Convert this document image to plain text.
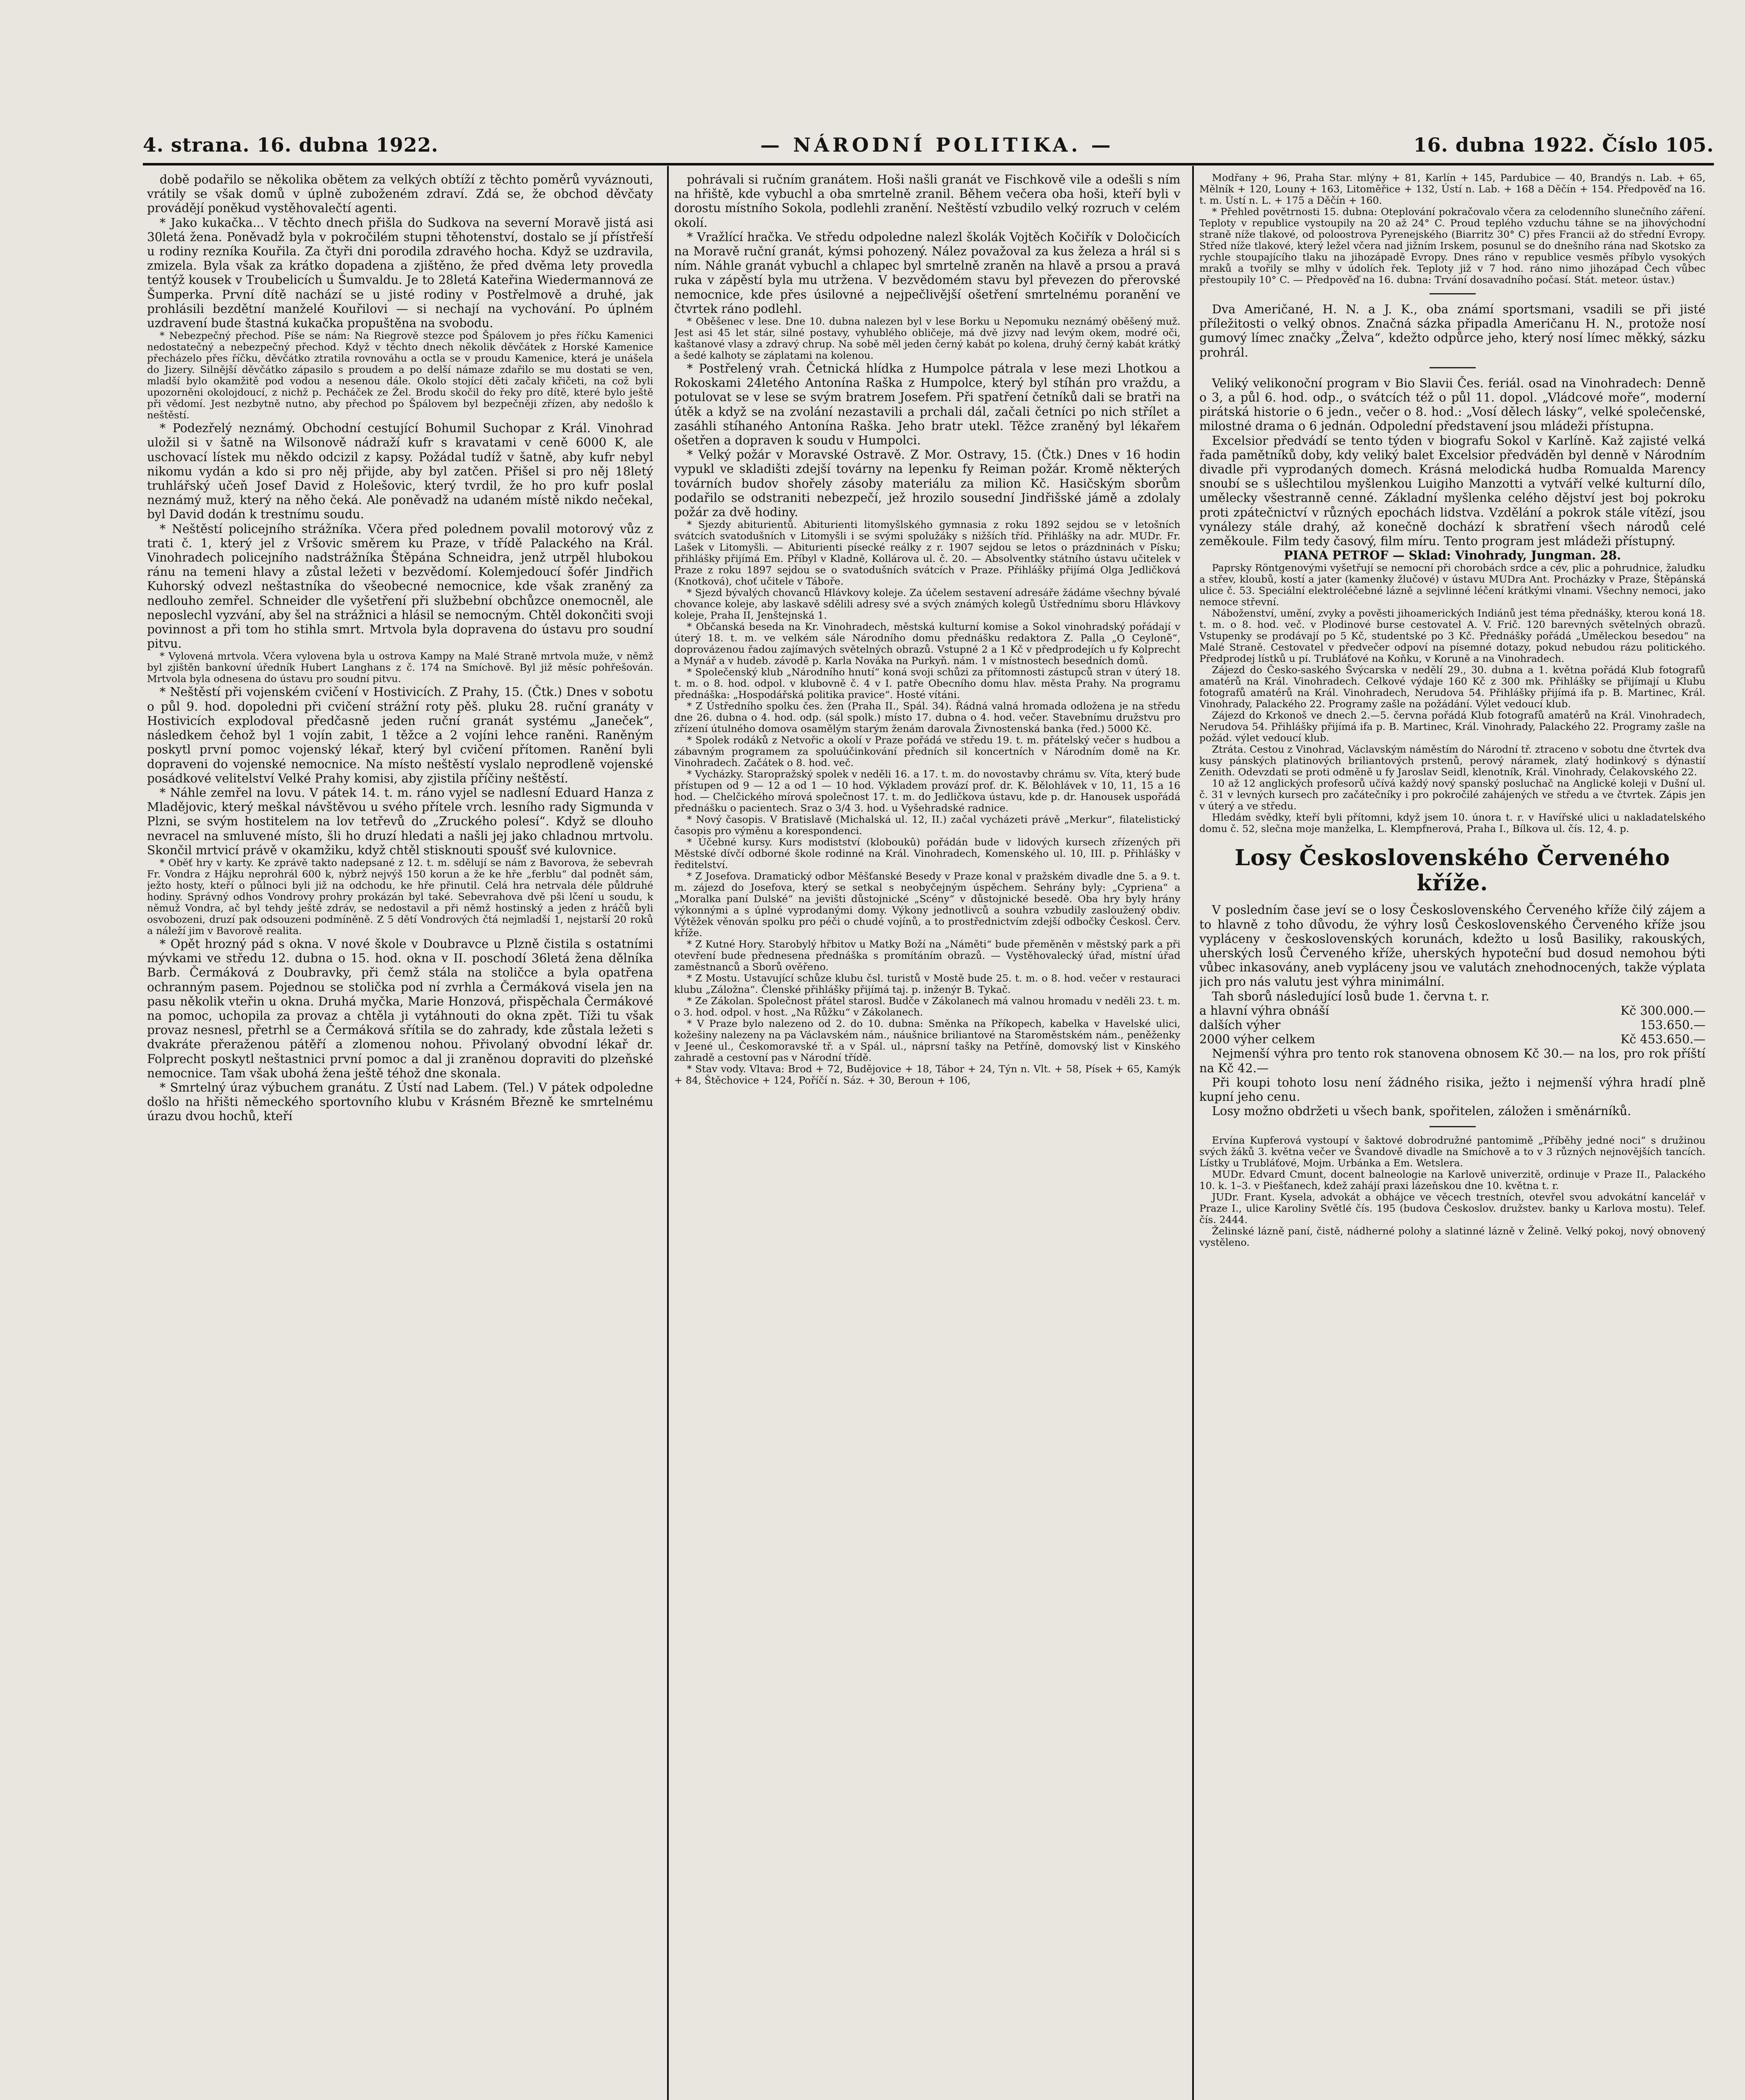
4. strana. 16. dubna 1922.	— NÁRODNÍ POLITIKA. —	16. dubna 1922. Číslo 105.

době podařilo se několika obětem za velkých obtíží z těchto poměrů vyváznouti, vrátily se však domů v úplně zuboženém zdraví. Zdá se, že obchod děvčaty provádějí poněkud vystěhovalečtí agenti.

* Jako kukačka... V těchto dnech přišla do Sudkova na severní Moravě jistá asi 30letá žena. Poněvadž byla v pokročilém stupni těhotenství, dostalo se jí přístřeší u rodiny rezníka Kouřila. Za čtyři dni porodila zdravého hocha. Když se uzdravila, zmizela. Byla však za krátko dopadena a zjištěno, že před dvěma lety provedla tentýž kousek v Troubelicích u Šumvaldu. Je to 28letá Kateřina Wiedermannová ze Šumperka. První dítě nachází se u jisté rodiny v Postřelmově a druhé, jak prohlásili bezdětní manželé Kouřilovi — si nechají na vychování. Po úplném uzdravení bude štastná kukačka propuštěna na svobodu.

* Nebezpečný přechod. Píše se nám: Na Riegrově stezce pod Špálovem jo přes říčku Kamenici nedostatečný a nebezpečný přechod. Když v těchto dnech několik děvčátek z Horské Kamenice přecházelo přes říčku, děvčátko ztratila rovnováhu a octla se v proudu Kamenice, která je unášela do Jizery. Silnější děvčátko zápasilo s proudem a po delší námaze zdařilo se mu dostati se ven, mladší bylo okamžitě pod vodou a nesenou dále. Okolo stojící děti začaly křičeti, na což byli upozorněni okolojdoucí, z nichž p. Pecháček ze Žel. Brodu skočil do řeky pro dítě, které bylo ještě při vědomí. Jest nezbytně nutno, aby přechod po Špálovem byl bezpečněji zřízen, aby nedošlo k neštěstí.

* Podezřelý neznámý. Obchodní cestující Bohumil Suchopar z Král. Vinohrad uložil si v šatně na Wilsonově nádraží kufr s kravatami v ceně 6000 K, ale uschovací lístek mu někdo odcizil z kapsy. Požádal tudíž v šatně, aby kufr nebyl nikomu vydán a kdo si pro něj přijde, aby byl zatčen. Přišel si pro něj 18letý truhlářský učeň Josef David z Holešovic, který tvrdil, že ho pro kufr poslal neznámý muž, který na něho čeká. Ale poněvadž na udaném místě nikdo nečekal, byl David dodán k trestnímu soudu.

* Neštěstí policejního strážníka. Včera před polednem povalil motorový vůz z trati č. 1, který jel z Vršovic směrem ku Praze, v třídě Palackého na Král. Vinohradech policejního nadstrážníka Štěpána Schneidra, jenž utrpěl hlubokou ránu na temeni hlavy a zůstal ležeti v bezvědomí. Kolemjedoucí šofér Jindřich Kuhorský odvezl neštastníka do všeobecné nemocnice, kde však zraněný za nedlouho zemřel. Schneider dle vyšetření při službební obchůzce onemocněl, ale neposlechl vyzvání, aby šel na strážnici a hlásil se nemocným. Chtěl dokončiti svoji povinnost a při tom ho stihla smrt. Mrtvola byla dopravena do ústavu pro soudní pitvu.

* Vylovená mrtvola. Včera vylovena byla u ostrova Kampy na Malé Straně mrtvola muže, v němž byl zjištěn bankovní úředník Hubert Langhans z č. 174 na Smíchově. Byl již měsíc pohřešován. Mrtvola byla odnesena do ústavu pro soudní pitvu.

* Neštěstí při vojenském cvičení v Hostivicích. Z Prahy, 15. (Čtk.) Dnes v sobotu o půl 9. hod. dopoledni při cvičení strážní roty pěš. pluku 28. ruční granáty v Hostivicích explodoval předčasně jeden ruční granát systému „Janeček“, následkem čehož byl 1 vojín zabit, 1 těžce a 2 vojíni lehce raněni. Raněným poskytl první pomoc vojenský lékař, který byl cvičení přítomen. Ranění byli dopraveni do vojenské nemocnice. Na místo neštěstí vyslalo neprodleně vojenské posádkové velitelství Velké Prahy komisi, aby zjistila příčiny neštěstí.

* Náhle zemřel na lovu. V pátek 14. t. m. ráno vyjel se nadlesní Eduard Hanza z Mladějovic, který meškal návštěvou u svého přítele vrch. lesního rady Sigmunda v Plzni, se svým hostitelem na lov tetřevů do „Zruckého polesí“. Když se dlouho nevracel na smluvené místo, šli ho druzí hledati a našli jej jako chladnou mrtvolu. Skončil mrtvicí právě v okamžiku, když chtěl stisknouti spoušť své kulovnice.

* Oběť hry v karty. Ke zprávě takto nadepsané z 12. t. m. sdělují se nám z Bavorova, že sebevrah Fr. Vondra z Hájku neprohrál 600 k, nýbrž nejvýš 150 korun a že ke hře „ferblu“ dal podnět sám, ježto hosty, kteří o půlnoci byli již na odchodu, ke hře přinutil. Celá hra netrvala déle půldruhé hodiny. Správný odhos Vondrovy prohry prokázán byl také. Sebevrahova dvě pši lčení u soudu, k němuž Vondra, ač byl tehdy ještě zdráv, se nedostavil a při němž hostinský a jeden z hráčů byli osvobozeni, druzí pak odsouzeni podmíněně. Z 5 dětí Vondrových čtá nejmladší 1, nejstarší 20 roků a náleží jim v Bavorově realita.

* Opět hrozný pád s okna. V nové škole v Doubravce u Plzně čistila s ostatními mývkami ve středu 12. dubna o 15. hod. okna v II. poschodí 36letá žena dělníka Barb. Čermáková z Doubravky, při čemž stála na stoličce a byla opatřena ochranným pasem. Pojednou se stolička pod ní zvrhla a Čermáková visela jen na pasu několik vteřin u okna. Druhá myčka, Marie Honzová, přispěchala Čermákové na pomoc, uchopila za provaz a chtěla ji vytáhnouti do okna zpět. Tíži tu však provaz nesnesl, přetrhl se a Čermáková sřítila se do zahrady, kde zůstala ležeti s dvakráte přeraženou pátěří a zlomenou nohou. Přivolaný obvodní lékař dr. Folprecht poskytl neštastnici první pomoc a dal ji zraněnou dopraviti do plzeňské nemocnice. Tam však ubohá žena ještě téhož dne skonala.

* Smrtelný úraz výbuchem granátu. Z Ústí nad Labem. (Tel.) V pátek odpoledne došlo na hřišti německého sportovního klubu v Krásném Březně ke smrtelnému úrazu dvou hochů, kteří

pohrávali si ručním granátem. Hoši našli granát ve Fischkově vile a odešli s ním na hřiště, kde vybuchl a oba smrtelně zranil. Během večera oba hoši, kteří byli v dorostu místního Sokola, podlehli zranění. Neštěstí vzbudilo velký rozruch v celém okolí.

* Vražlící hračka. Ve středu odpoledne nalezl školák Vojtěch Kočiřík v Določicích na Moravě ruční granát, kýmsi pohozený. Nález považoval za kus železa a hrál si s ním. Náhle granát vybuchl a chlapec byl smrtelně zraněn na hlavě a prsou a pravá ruka v zápěstí byla mu utržena. V bezvědomém stavu byl převezen do přerovské nemocnice, kde přes úsilovné a nejpečlivější ošetření smrtelnému poranění ve čtvrtek ráno podlehl.

* Oběšenec v lese. Dne 10. dubna nalezen byl v lese Borku u Nepomuku neznámý oběšený muž. Jest asi 45 let stár, silné postavy, vyhublého obličeje, má dvě jizvy nad levým okem, modré oči, kaštanové vlasy a zdravý chrup. Na sobě měl jeden černý kabát po kolena, druhý černý kabát krátký a šedé kalhoty se záplatami na kolenou.

* Postřelený vrah. Četnická hlídka z Humpolce pátrala v lese mezi Lhotkou a Rokoskami 24letého Antonína Raška z Humpolce, který byl stíhán pro vraždu, a potulovat se v lese se svým bratrem Josefem. Při spatření četníků dali se bratři na útěk a když se na zvolání nezastavili a prchali dál, začali četníci po nich střílet a zasáhli stíhaného Antonína Raška. Jeho bratr utekl. Těžce zraněný byl lékařem ošetřen a dopraven k soudu v Humpolci.

* Velký požár v Moravské Ostravě. Z Mor. Ostravy, 15. (Čtk.) Dnes v 16 hodin vypukl ve skladišti zdejší továrny na lepenku fy Reiman požár. Kromě některých továrních budov shořely zásoby materiálu za milion Kč. Hasičským sborům podařilo se odstraniti nebezpečí, jež hrozilo sousední Jindřišské jámě a zdolaly požár za dvě hodiny.

* Sjezdy abiturientů. Abiturienti litomyšlského gymnasia z roku 1892 sejdou se v letošních svátcích svatodušních v Litomyšli i se svými spolužáky s nižších tříd. Přihlášky na adr. MUDr. Fr. Lašek v Litomyšli. — Abiturienti písecké reálky z r. 1907 sejdou se letos o prázdninách v Písku; přihlášky přijímá Em. Příbyl v Kladně, Kollárova ul. č. 20. — Absolventky státního ústavu učitelek v Praze z roku 1897 sejdou se o svatodušních svátcích v Praze. Přihlášky přijímá Olga Jedličková (Knotková), choť učitele v Táboře.

* Sjezd bývalých chovanců Hlávkovy koleje. Za účelem sestavení adresáře žádáme všechny bývalé chovance koleje, aby laskavě sdělili adresy své a svých známých kolegů Ústřednímu sboru Hlávkovy koleje, Praha II, Jenštejnská 1.

* Občanská beseda na Kr. Vinohradech, městská kulturní komise a Sokol vinohradský pořádají v úterý 18. t. m. ve velkém sále Národního domu přednášku redaktora Z. Palla „O Ceyloně“, doprovázenou řadou zajímavých světelných obrazů. Vstupné 2 a 1 Kč v předprodejích u fy Kolprecht a Mynář a v hudeb. závodě p. Karla Nováka na Purkyň. nám. 1 v místnostech besedních domů.

* Společenský klub „Národního hnutí“ koná svoji schůzi za přítomnosti zástupců stran v úterý 18. t. m. o 8. hod. odpol. v klubovně č. 4 v I. patře Obecního domu hlav. města Prahy. Na programu přednáška: „Hospodářská politika pravice“. Hosté vítáni.

* Z Ústředního spolku čes. žen (Praha II., Spál. 34). Řádná valná hromada odložena je na středu dne 26. dubna o 4. hod. odp. (sál spolk.) místo 17. dubna o 4. hod. večer. Stavebnímu družstvu pro zřízení útulného domova osamělým starým ženám darovala Živnostenská banka (řed.) 5000 Kč.

* Spolek rodáků z Netvořic a okolí v Praze pořádá ve středu 19. t. m. přátelský večer s hudbou a zábavným programem za spoluúčinkování předních sil koncertních v Národním domě na Kr. Vinohradech. Začátek o 8. hod. več.

* Vycházky. Staropražský spolek v neděli 16. a 17. t. m. do novostavby chrámu sv. Víta, který bude přístupen od 9 — 12 a od 1 — 10 hod. Výkladem provází prof. dr. K. Bělohlávek v 10, 11, 15 a 16 hod. — Chelčického mírová společnost 17. t. m. do Jedličkova ústavu, kde p. dr. Hanousek uspořádá přednášku o pacientech. Sraz o 3/4 3. hod. u Vyšehradské radnice.

* Nový časopis. V Bratislavě (Michalská ul. 12, II.) začal vycházeti právě „Merkur“, filatelistický časopis pro výměnu a korespondenci.

* Účebné kursy. Kurs modistství (kloboukû) pořádán bude v lidových kursech zřízených při Městské dívčí odborné škole rodinné na Král. Vinohradech, Komenského ul. 10, III. p. Přihlášky v ředitelství.

* Z Josefova. Dramatický odbor Měšťanské Besedy v Praze konal v pražském divadle dne 5. a 9. t. m. zájezd do Josefova, který se setkal s neobyčejným úspěchem. Sehrány byly: „Cypriena“ a „Moralka paní Dulské“ na jevišti důstojnické „Scény“ v důstojnické besedě. Oba hry byly hrány výkonnými a s úplné vyprodanými domy. Výkony jednotlivců a souhra vzbudily zasloužený obdiv. Výtěžek věnován spolku pro péči o chudé vojínů, a to prostřednictvím zdejší odbočky Českosl. Červ. kříže.

* Z Kutné Hory. Starobylý hřbitov u Matky Boží na „Náměti“ bude přeměněn v městský park a při otevření bude přednesena přednáška s promítáním obrazů. — Vystěhovalecký úřad, místní úřad zaměstnanců a Sborů ověřeno.

* Z Mostu. Ustavující schůze klubu čsl. turistů v Mostě bude 25. t. m. o 8. hod. večer v restauraci klubu „Záložna“. Členské přihlášky přijímá taj. p. inženýr B. Tykač.

* Ze Zákolan. Společnost přátel starosl. Budče v Zákolanech má valnou hromadu v neděli 23. t. m. o 3. hod. odpol. v host. „Na Růžku“ v Zákolanech.

* V Praze bylo nalezeno od 2. do 10. dubna: Směnka na Příkopech, kabelka v Havelské ulici, kožešiny nalezeny na pa Václavském nám., náušnice briliantové na Staroměstském nám., peněženky v Jeené ul., Českomoravské tř. a v Spál. ul., náprsní tašky na Petříně, domovský list v Kinského zahradě a cestovní pas v Národní třídě.

* Stav vody. Vltava: Brod + 72, Budějovice + 18, Tábor + 24, Týn n. Vlt. + 58, Písek + 65, Kamýk + 84, Štěchovice + 124, Poříčí n. Sáz. + 30, Beroun + 106,

Modřany + 96, Praha Star. mlýny + 81, Karlín + 145, Pardubice — 40, Brandýs n. Lab. + 65, Mělník + 120, Louny + 163, Litoměřice + 132, Ústí n. Lab. + 168 a Děčín + 154. Předpověď na 16. t. m. Ústí n. L. + 175 a Děčín + 160.

* Přehled povětrnosti 15. dubna: Oteplování pokračovalo včera za celodenního slunečního záření. Teploty v republice vystoupily na 20 až 24° C. Proud teplého vzduchu táhne se na jihovýchodní straně níže tlakové, od poloostrova Pyrenejského (Biarritz 30° C) přes Francii až do střední Evropy. Střed níže tlakové, který ležel včera nad jižním Irskem, posunul se do dnešního rána nad Skotsko za rychle stoupajícího tlaku na jihozápadě Evropy. Dnes ráno v republice vesměs příbylo vysokých mraků a tvořily se mlhy v údolích řek. Teploty již v 7 hod. ráno nimo jihozápad Čech vůbec přestoupily 10° C. — Předpověď na 16. dubna: Trvání dosavadního počasí. Stát. meteor. ústav.)

Dva Američané, H. N. a J. K., oba známí sportsmani, vsadili se při jisté příležitosti o velký obnos. Značná sázka připadla Američanu H. N., protože nosí gumový límec značky „Želva“, kdežto odpůrce jeho, který nosí límec měkký, sázku prohrál.

Veliký velikonoční program v Bio Slavii Čes. feriál. osad na Vinohradech: Denně o 3, a půl 6. hod. odp., o svátcích též o půl 11. dopol. „Vládcové moře“, moderní pirátská historie o 6 jedn., večer o 8. hod.: „Vosí dělech lásky“, velké společenské, milostné drama o 6 jednán. Odpolední představení jsou mládeži přístupna.

Excelsior předvádí se tento týden v biografu Sokol v Karlíně. Kaž zajisté velká řada pamětníků doby, kdy veliký balet Excelsior předváděn byl denně v Národním divadle při vyprodaných domech. Krásná melodická hudba Romualda Marency snoubí se s ušlechtilou myšlenkou Luigiho Manzotti a vytváří velké kulturní dílo, umělecky všestranně cenné. Základní myšlenka celého dějství jest boj pokroku proti zpátečnictví v různých epochách lidstva. Vzdělání a pokrok stále vítězí, jsou vynálezy stále drahý, až konečně dochází k sbratření všech národů celé zeměkoule. Film tedy časový, film míru. Tento program jest mládeži přístupný.

PIANA PETROF — Sklad: Vinohrady, Jungman. 28.

Paprsky Röntgenovými vyšetřují se nemocní při chorobách srdce a cév, plic a pohrudnice, žaludku a střev, kloubů, kostí a jater (kamenky žlučové) v ústavu MUDra Ant. Procházky v Praze, Štěpánská ulice č. 53. Speciální elektroléčebné lázně a sejvlinné léčení krátkými vlnami. Všechny nemoci, jako nemoce střevní.

Náboženství, umění, zvyky a pověsti jihoamerických Indiánů jest téma přednášky, kterou koná 18. t. m. o 8. hod. več. v Plodinové burse cestovatel A. V. Frič. 120 barevných světelných obrazů. Vstupenky se prodávají po 5 Kč, studentské po 3 Kč. Přednášky pořádá „Uměleckou besedou“ na Malé Straně. Cestovatel v předvečer odpoví na písemné dotazy, pokud nebudou rázu politického. Předprodej lístků u pí. Trubláťové na Koňku, v Koruně a na Vinohradech.

Zájezd do Česko-saského Švýcarska v nedělí 29., 30. dubna a 1. května pořádá Klub fotografů amatérů na Král. Vinohradech. Celkové výdaje 160 Kč z 300 mk. Přihlášky se přijímají u Klubu fotografů amatérů na Král. Vinohradech, Nerudova 54. Přihlášky přijímá ifa p. B. Martinec, Král. Vinohrady, Palackého 22. Programy zašle na požádání. Výlet vedoucí klub.

Zájezd do Krkonoš ve dnech 2.—5. června pořádá Klub fotografů amatérů na Král. Vinohradech, Nerudova 54. Přihlášky přijímá ifa p. B. Martinec, Král. Vinohrady, Palackého 22. Programy zašle na požád. výlet vedoucí klub.

Ztráta. Cestou z Vinohrad, Václavským náměstím do Národní tř. ztraceno v sobotu dne čtvrtek dva kusy pánských platinových briliantových prstenů, perový náramek, zlatý hodinkový s dýnastií Zenith. Odevzdati se proti odměně u fy Jaroslav Seidl, klenotník, Král. Vinohrady, Čelakovského 22.

10 až 12 anglických profesorů učívá každý nový spanský posluchač na Anglické koleji v Dušní ul. č. 31 v levných kursech pro začátečníky i pro pokročilé zahájených ve středu a ve čtvrtek. Zápis jen v úterý a ve středu.

Hledám svědky, kteří byli přítomni, když jsem 10. února t. r. v Havířské ulici u nakladatelského domu č. 52, slečna moje manželka, L. Klempfnerová, Praha I., Bílkova ul. čís. 12, 4. p.

Losy Československého Červeného kříže.

V posledním čase jeví se o losy Československého Červeného kříže čilý zájem a to hlavně z toho důvodu, že výhry losů Československého Červeného kříže jsou vypláceny v československých korunách, kdežto u losů Basiliky, rakouských, uherských losů Červeného kříže, uherských hypoteční bud dosud nemohou býti vůbec inkasovány, aneb vypláceny jsou ve valutách znehodnocených, takže výplata jich pro nás valutu jest výhra minimální.

Tah sborů následující losů bude 1. června t. r.

a hlavní výhra obnáší	Kč 300.000.—
dalších výher	153.650.—
2000 výher celkem	Kč 453.650.—

Nejmenší výhra pro tento rok stanovena obnosem Kč 30.— na los, pro rok příští na Kč 42.—

Při koupi tohoto losu není žádného risika, ježto i nejmenší výhra hradí plně kupní jeho cenu.

Losy možno obdržeti u všech bank, spořitelen, záložen i směnárníků.

Ervína Kupferová vystoupí v šaktové dobrodružné pantomimě „Příběhy jedné noci“ s družinou svých žáků 3. května večer ve Švandově divadle na Smíchově a to v 3 různých nejnovějších tancích. Lístky u Trubláťové, Mojm. Urbánka a Em. Wetslera.

MUDr. Edvard Cmunt, docent balneologie na Karlově univerzitě, ordinuje v Praze II., Palackého 10. k. 1–3. v Piešťanech, kdež zahájí praxi lázeňskou dne 10. května t. r.

JUDr. Frant. Kysela, advokát a obhájce ve věcech trestních, otevřel svou advokátní kancelář v Praze I., ulice Karoliny Světlé čís. 195 (budova Českoslov. družstev. banky u Karlova mostu). Telef. čís. 2444.

Želinské lázně paní, čistě, nádherné polohy a slatinné lázně v Želině. Velký pokoj, nový obnovený vystěleno.
